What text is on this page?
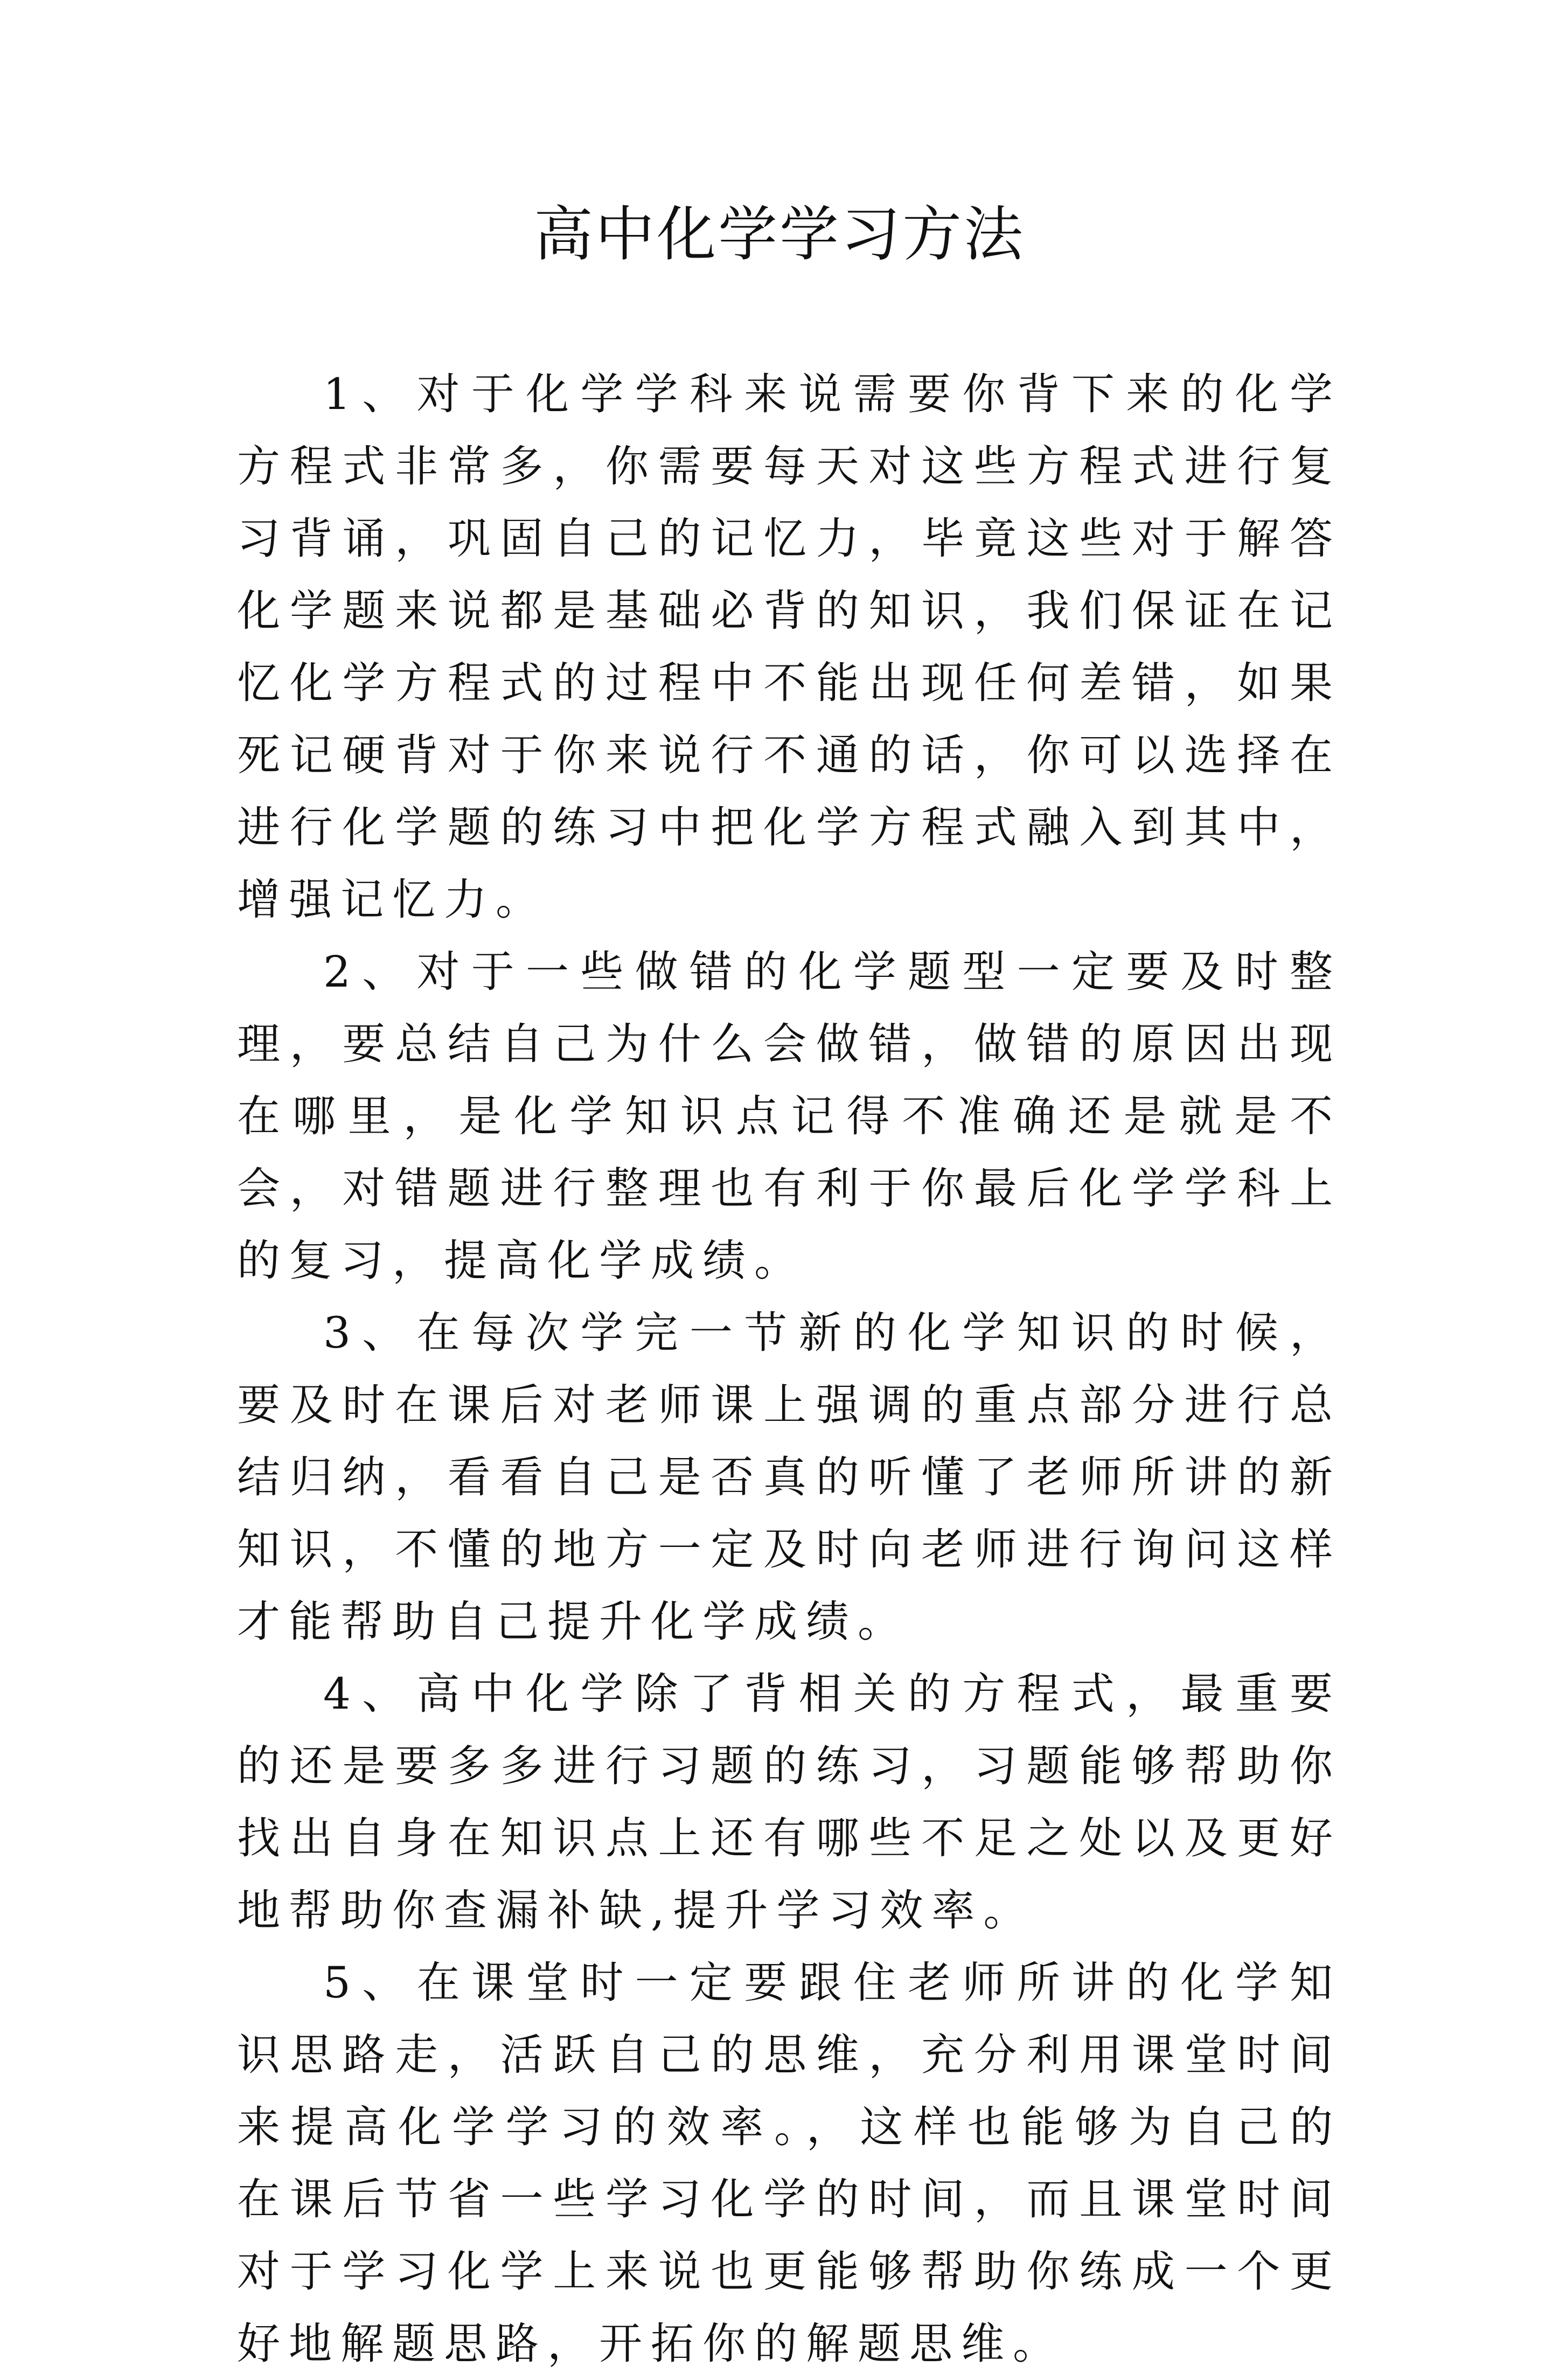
高中化学学习方法

1、对于化学学科来说需要你背下来的化学方程式非常多，你需要每天对这些方程式进行复习背诵，巩固自己的记忆力，毕竟这些对于解答化学题来说都是基础必背的知识，我们保证在记忆化学方程式的过程中不能出现任何差错，如果死记硬背对于你来说行不通的话，你可以选择在进行化学题的练习中把化学方程式融入到其中，增强记忆力。

2、对于一些做错的化学题型一定要及时整理，要总结自己为什么会做错，做错的原因出现在哪里，是化学知识点记得不准确还是就是不会，对错题进行整理也有利于你最后化学学科上的复习，提高化学成绩。

3、在每次学完一节新的化学知识的时候，要及时在课后对老师课上强调的重点部分进行总结归纳，看看自己是否真的听懂了老师所讲的新知识，不懂的地方一定及时向老师进行询问这样才能帮助自己提升化学成绩。

4、高中化学除了背相关的方程式，最重要的还是要多多进行习题的练习，习题能够帮助你找出自身在知识点上还有哪些不足之处以及更好地帮助你查漏补缺,提升学习效率。

5、在课堂时一定要跟住老师所讲的化学知识思路走，活跃自己的思维，充分利用课堂时间来提高化学学习的效率。，这样也能够为自己的在课后节省一些学习化学的时间，而且课堂时间对于学习化学上来说也更能够帮助你练成一个更好地解题思路，开拓你的解题思维。
